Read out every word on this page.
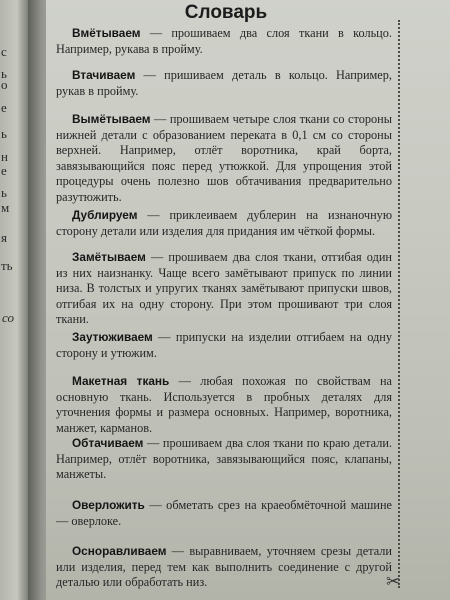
с
ь
о
е
ь
н
е
ь
м
я
ть
со
Словарь
Вмётываем — прошиваем два слоя ткани в кольцо. Например, рукава в пройму.
Втачиваем — пришиваем деталь в кольцо. Например, рукав в пройму.
Вымётываем — прошиваем четыре слоя ткани со стороны нижней детали с образованием переката в 0,1 см со стороны верхней. Например, отлёт воротника, край борта, завязывающийся пояс перед утюжкой. Для упрощения этой процедуры очень полезно шов обтачивания предварительно разутюжить.
Дублируем — приклеиваем дублерин на изнаночную сторону детали или изделия для придания им чёткой формы.
Замётываем — прошиваем два слоя ткани, отгибая один из них наизнанку. Чаще всего замётывают припуск по линии низа. В толстых и упругих тканях замётывают припуски швов, отгибая их на одну сторону. При этом прошивают три слоя ткани.
Заутюживаем — припуски на изделии отгибаем на одну сторону и утюжим.
Макетная ткань — любая похожая по свойствам на основную ткань. Используется в пробных деталях для уточнения формы и размера основных. Например, воротника, манжет, карманов.
Обтачиваем — прошиваем два слоя ткани по краю детали. Например, отлёт воротника, завязывающийся пояс, клапаны, манжеты.
Оверложить — обметать срез на краеобмёточной машине — оверлоке.
Осноравливаем — выравниваем, уточняем срезы детали или изделия, перед тем как выполнить соединение с другой деталью или обработать низ.	✂
